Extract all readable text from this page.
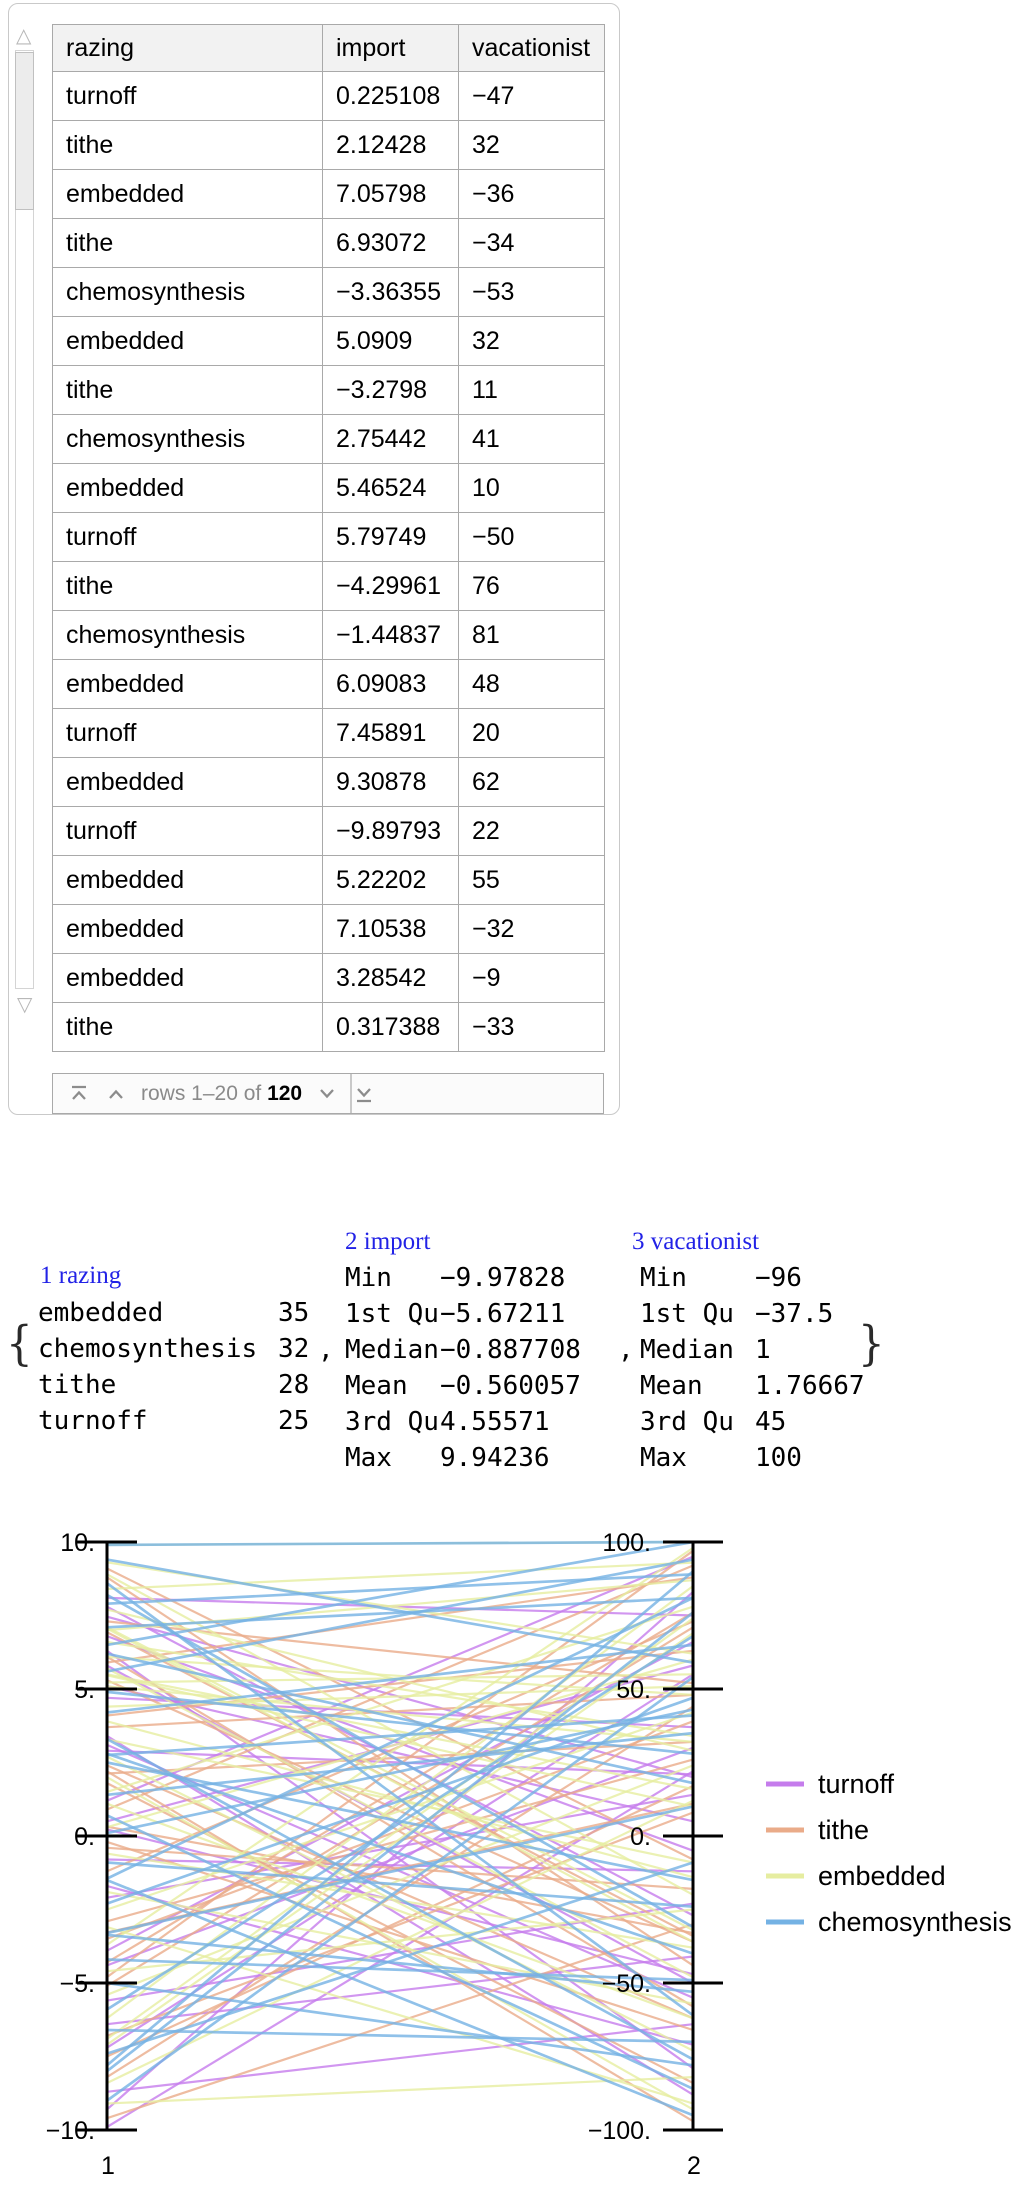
△
▽
razing	import	vacationist
turnoff	0.225108	−47
tithe	2.12428	32
embedded	7.05798	−36
tithe	6.93072	−34
chemosynthesis	−3.36355	−53
embedded	5.0909	32
tithe	−3.2798	11
chemosynthesis	2.75442	41
embedded	5.46524	10
turnoff	5.79749	−50
tithe	−4.29961	76
chemosynthesis	−1.44837	81
embedded	6.09083	48
turnoff	7.45891	20
embedded	9.30878	62
turnoff	−9.89793	22
embedded	5.22202	55
embedded	7.10538	−32
embedded	3.28542	−9
tithe	0.317388	−33
rows 1–20 of 120
{	}
1 razing
2 import	3 vacationist
,	,
embedded	35
chemosynthesis 32
tithe	28
turnoff	25
Min −9.97828
1st Qu −5.67211
Median −0.887708
Mean −0.560057
3rd Qu 4.55571
Max 9.94236
Min	−96
1st Qu −37.5
Median 1
Mean 1.76667
3rd Qu 45
Max	100
10.
5.
0.
−5.
−10.
1
100.
50.
0.
−50.
−100.
2
turnoff
tithe
embedded
chemosynthesis
